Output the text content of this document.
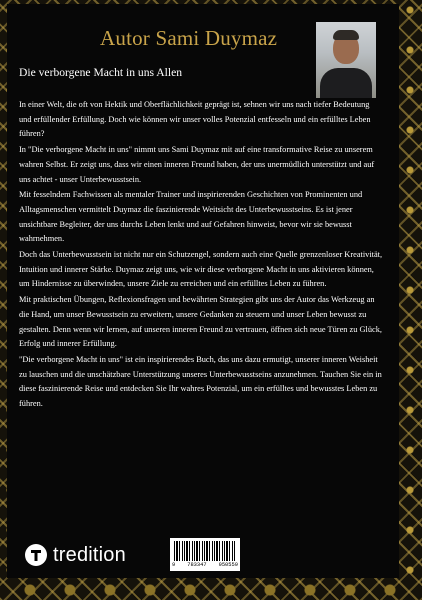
Autor Sami Duymaz
Die verborgene Macht in uns Allen

In einer Welt, die oft von Hektik und Oberflächlichkeit geprägt ist, sehnen wir uns nach tiefer Bedeutung und erfüllender Erfüllung. Doch wie können wir unser volles Potenzial entfesseln und ein erfülltes Leben führen?

In "Die verborgene Macht in uns" nimmt uns Sami Duymaz mit auf eine transformative Reise zu unserem wahren Selbst. Er zeigt uns, dass wir einen inneren Freund haben, der uns unermüdlich unterstützt und auf uns achtet - unser Unterbewusstsein.

Mit fesselndem Fachwissen als mentaler Trainer und inspirierenden Geschichten von Prominenten und Alltagsmenschen vermittelt Duymaz die faszinierende Weitsicht des Unterbewusstseins. Es ist jener unsichtbare Begleiter, der uns durchs Leben lenkt und auf Gefahren hinweist, bevor wir sie bewusst wahrnehmen.

Doch das Unterbewusstsein ist nicht nur ein Schutzengel, sondern auch eine Quelle grenzenloser Kreativität, Intuition und innerer Stärke. Duymaz zeigt uns, wie wir diese verborgene Macht in uns aktivieren können, um Hindernisse zu überwinden, unsere Ziele zu erreichen und ein erfülltes Leben zu führen.

Mit praktischen Übungen, Reflexionsfragen und bewährten Strategien gibt uns der Autor das Werkzeug an die Hand, um unser Bewusstsein zu erweitern, unsere Gedanken zu steuern und unser Leben bewusst zu gestalten. Denn wenn wir lernen, auf unseren inneren Freund zu vertrauen, öffnen sich neue Türen zu Glück, Erfolg und innerer Erfüllung.

"Die verborgene Macht in uns" ist ein inspirierendes Buch, das uns dazu ermutigt, unserer inneren Weisheit zu lauschen und die unschätzbare Unterstützung unseres Unterbewusstseins anzunehmen. Tauchen Sie ein in diese faszinierende Reise und entdecken Sie Ihr wahres Potenzial, um ein erfülltes und bewusstes Leben zu führen.

tredition	9 783347 950559
